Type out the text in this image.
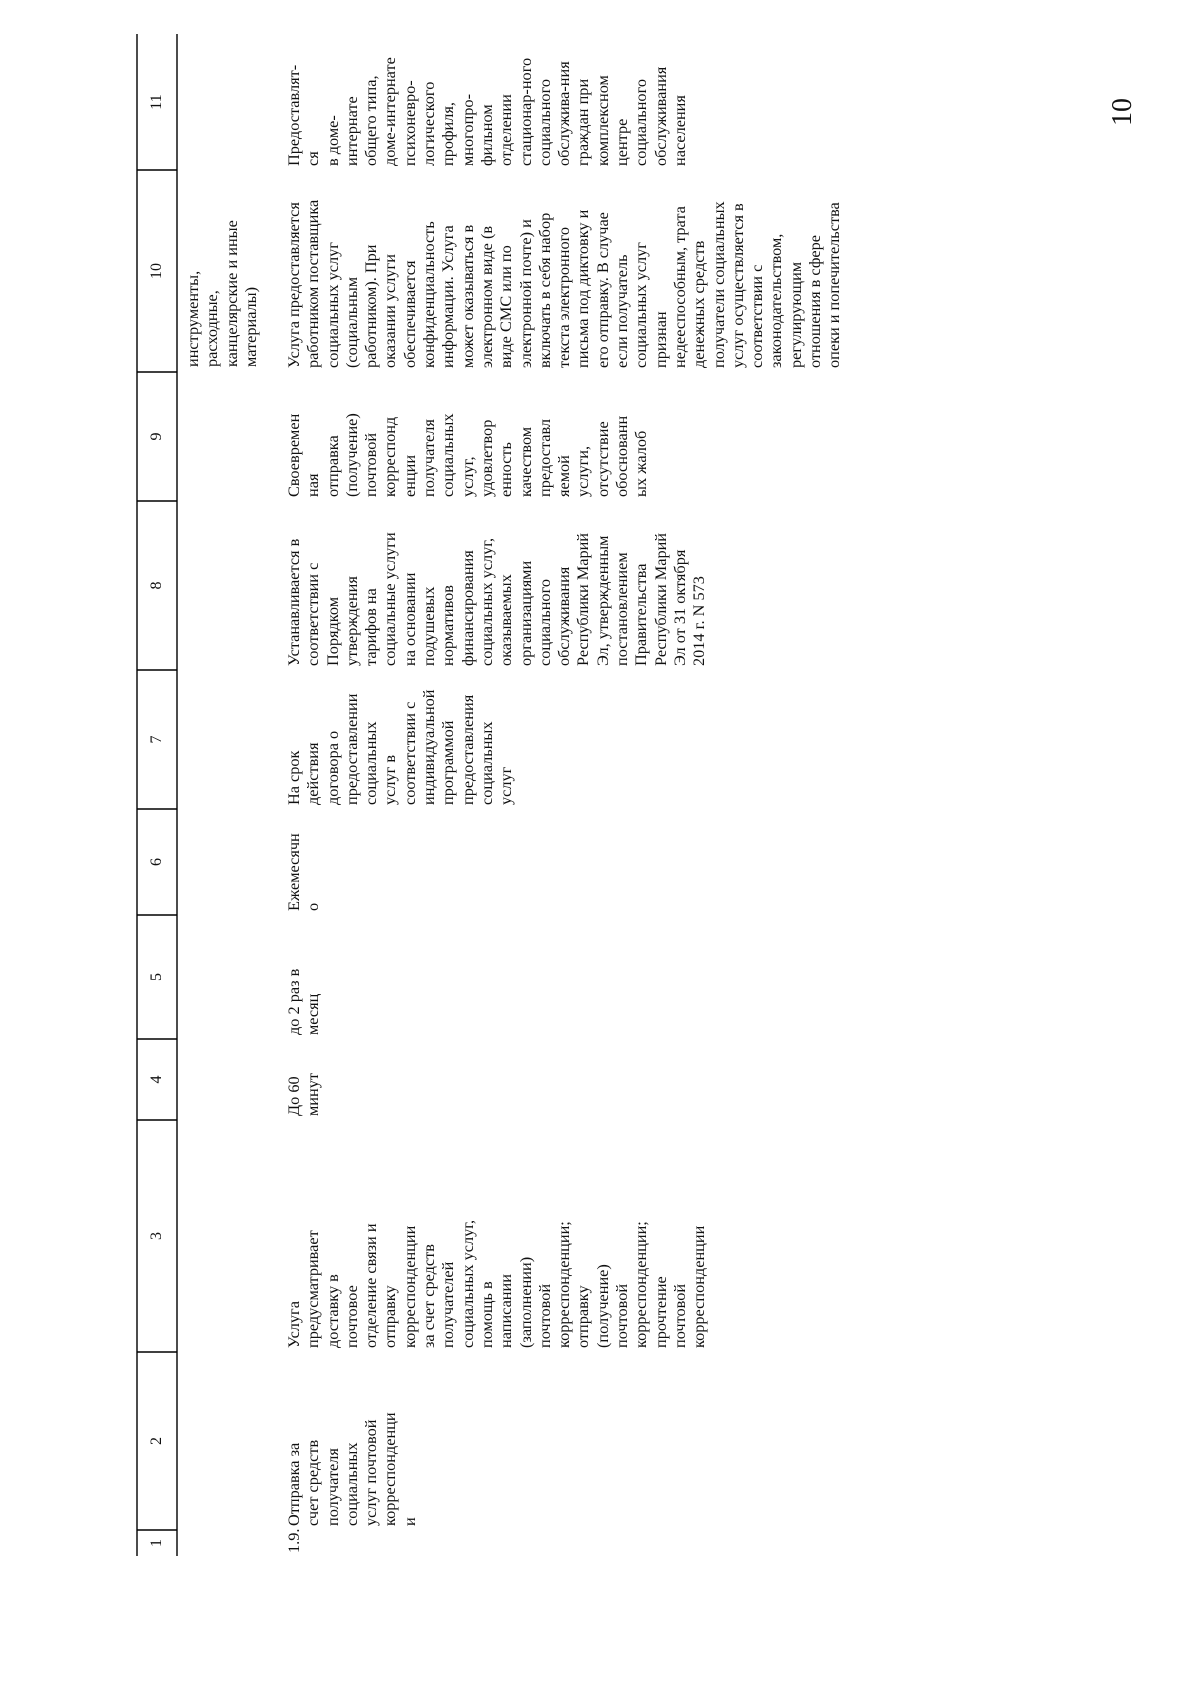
10
1
2
3
4
5
6
7
8
9
10
11
инструменты,
расходные,
канцелярские и иные
материалы)
1.9.
Отправка за
счет средств
получателя
социальных
услуг почтовой
корреспонденци
и
Услуга
предусматривает
доставку в
почтовое
отделение связи и
отправку
корреспонденции
за счет средств
получателей
социальных услуг,
помощь в
написании
(заполнении)
почтовой
корреспонденции;
отправку
(получение)
почтовой
корреспонденции;
прочтение
почтовой
корреспонденции
До 60
минут
до 2 раз в
месяц
Ежемесячн
о
На срок
действия
договора о
предоставлении
социальных
услуг в
соответствии с
индивидуальной
программой
предоставления
социальных
услуг
Устанавливается в
соответствии с
Порядком
утверждения
тарифов на
социальные услуги
на основании
подушевых
нормативов
финансирования
социальных услуг,
оказываемых
организациями
социального
обслуживания
Республики Марий
Эл, утвержденным
постановлением
Правительства
Республики Марий
Эл от 31 октября
2014 г. N 573
Своевремен
ная
отправка
(получение)
почтовой
корреспонд
енции
получателя
социальных
услуг,
удовлетвор
енность
качеством
предоставл
яемой
услуги,
отсутствие
обоснованн
ых жалоб
Услуга предоставляется
работником поставщика
социальных услуг
(социальным
работником). При
оказании услуги
обеспечивается
конфиденциальность
информации. Услуга
может оказываться в
электронном виде (в
виде СМС или по
электронной почте) и
включать в себя набор
текста электронного
письма под диктовку и
его отправку. В случае
если получатель
социальных услуг
признан
недееспособным, трата
денежных средств
получатели социальных
услуг осуществляется в
соответствии с
законодательством,
регулирующим
отношения в сфере
опеки и попечительства
Предоставлят-
ся
в доме-
интернате
общего типа,
доме-интернате
психоневро-
логического
профиля,
многопро-
фильном
отделении
стационар-ного
социального
обслужива-ния
граждан при
комплексном
центре
социального
обслуживания
населения
